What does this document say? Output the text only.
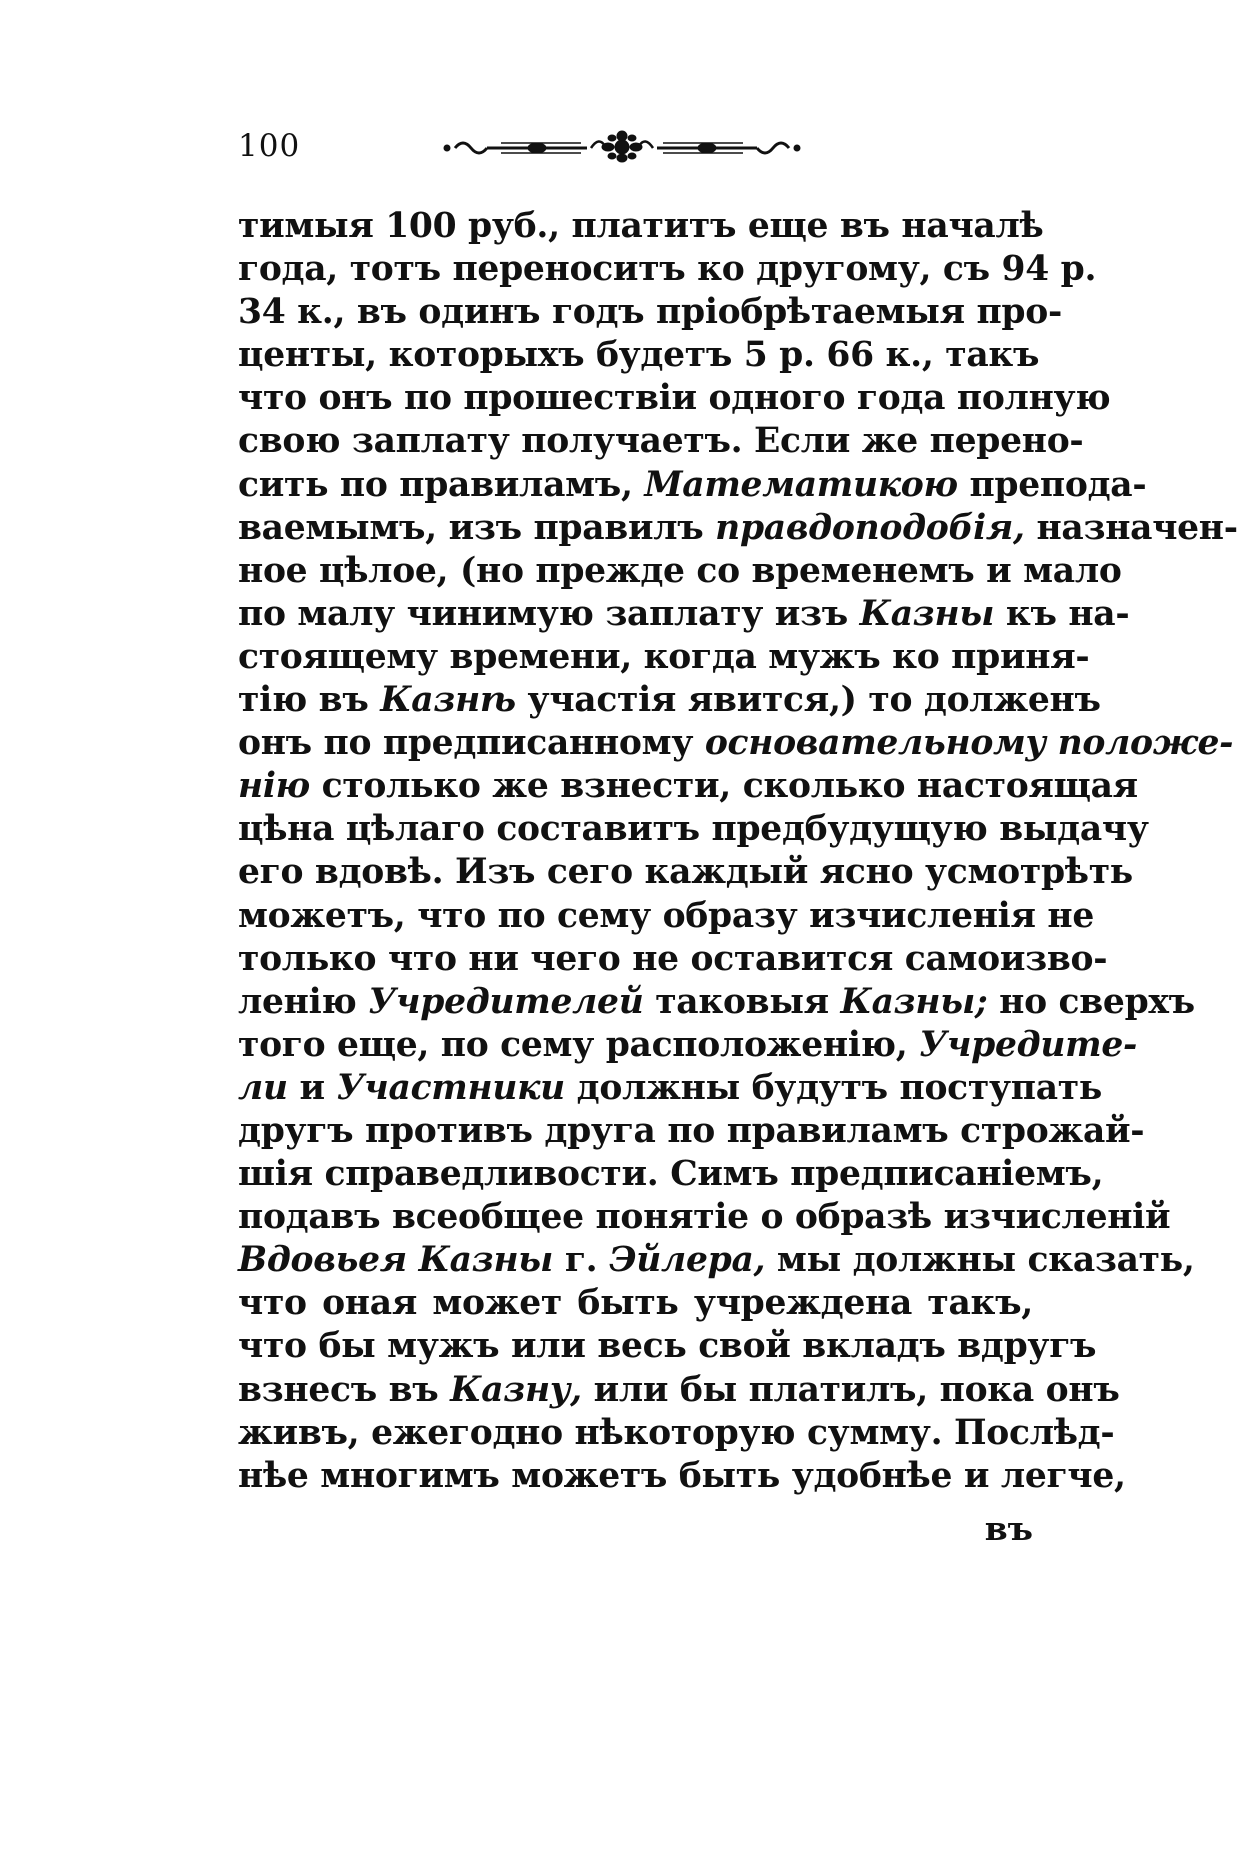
100
тимыя 100 руб., платитъ еще въ началѣ
года, тотъ переноситъ ко другому, съ 94 р.
34 к., въ одинъ годъ пріобрѣтаемыя про-
центы, которыхъ будетъ 5 р. 66 к., такъ
что онъ по прошествіи одного года полную
свою заплату получаетъ. Если же перено-
сить по правиламъ, Математикою препода-
ваемымъ, изъ правилъ правдоподобія, назначен-
ное цѣлое, (но прежде со временемъ и мало
по малу чинимую заплату изъ Казны къ на-
стоящему времени, когда мужъ ко приня-
тію въ Казнѣ участія явится,) то долженъ
онъ по предписанному основательному положе-
нію столько же взнести, сколько настоящая
цѣна цѣлаго составитъ предбудущую выдачу
его вдовѣ. Изъ сего каждый ясно усмотрѣть
можетъ, что по сему образу изчисленія не
только что ни чего не оставится самоизво-
ленію Учредителей таковыя Казны; но сверхъ
того еще, по сему расположенію, Учредите-
ли и Участники должны будутъ поступать
другъ противъ друга по правиламъ строжай-
шія справедливости. Симъ предписаніемъ,
подавъ всеобщее понятіе о образѣ изчисленій
Вдовьея Казны г. Эйлера, мы должны сказать,
что оная может быть учреждена такъ,
что бы мужъ или весь свой вкладъ вдругъ
взнесъ въ Казну, или бы платилъ, пока онъ
живъ, ежегодно нѣкоторую сумму. Послѣд-
нѣе многимъ можетъ быть удобнѣе и легче,
въ
